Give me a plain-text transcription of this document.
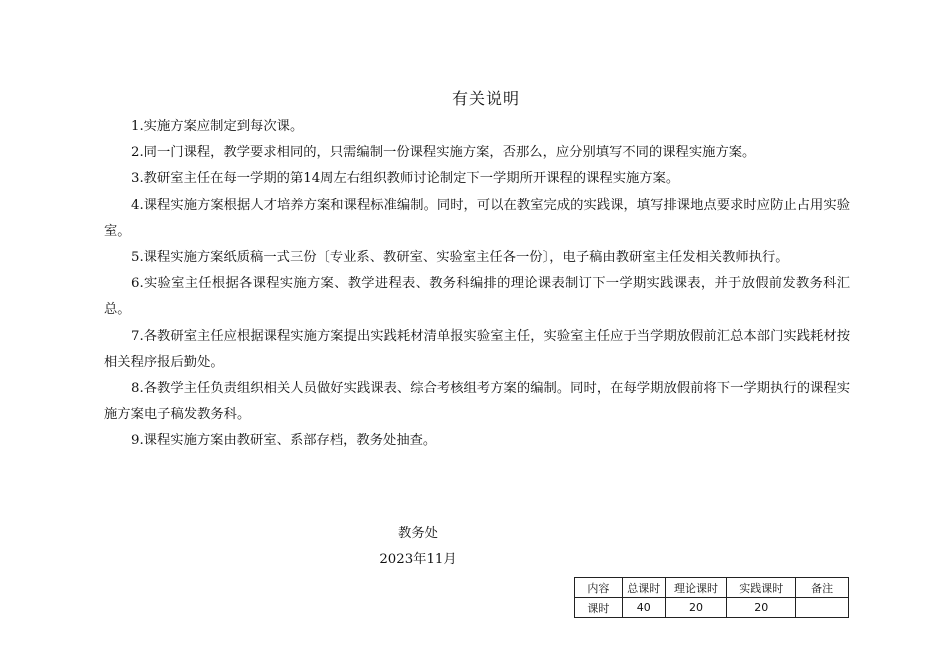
有关说明

1.实施方案应制定到每次课。

2.同一门课程，教学要求相同的，只需编制一份课程实施方案，否那么，应分别填写不同的课程实施方案。

3.教研室主任在每一学期的第14周左右组织教师讨论制定下一学期所开课程的课程实施方案。

4.课程实施方案根据人才培养方案和课程标准编制。同时，可以在教室完成的实践课，填写排课地点要求时应防止占用实验室。

5.课程实施方案纸质稿一式三份〔专业系、教研室、实验室主任各一份〕，电子稿由教研室主任发相关教师执行。

6.实验室主任根据各课程实施方案、教学进程表、教务科编排的理论课表制订下一学期实践课表，并于放假前发教务科汇总。

7.各教研室主任应根据课程实施方案提出实践耗材清单报实验室主任，实验室主任应于当学期放假前汇总本部门实践耗材按相关程序报后勤处。

8.各教学主任负责组织相关人员做好实践课表、综合考核组考方案的编制。同时，在每学期放假前将下一学期执行的课程实施方案电子稿发教务科。

9.课程实施方案由教研室、系部存档，教务处抽查。

教务处
2023年11月
内容	总课时	理论课时	实践课时	备注
课时	40	20	20	
